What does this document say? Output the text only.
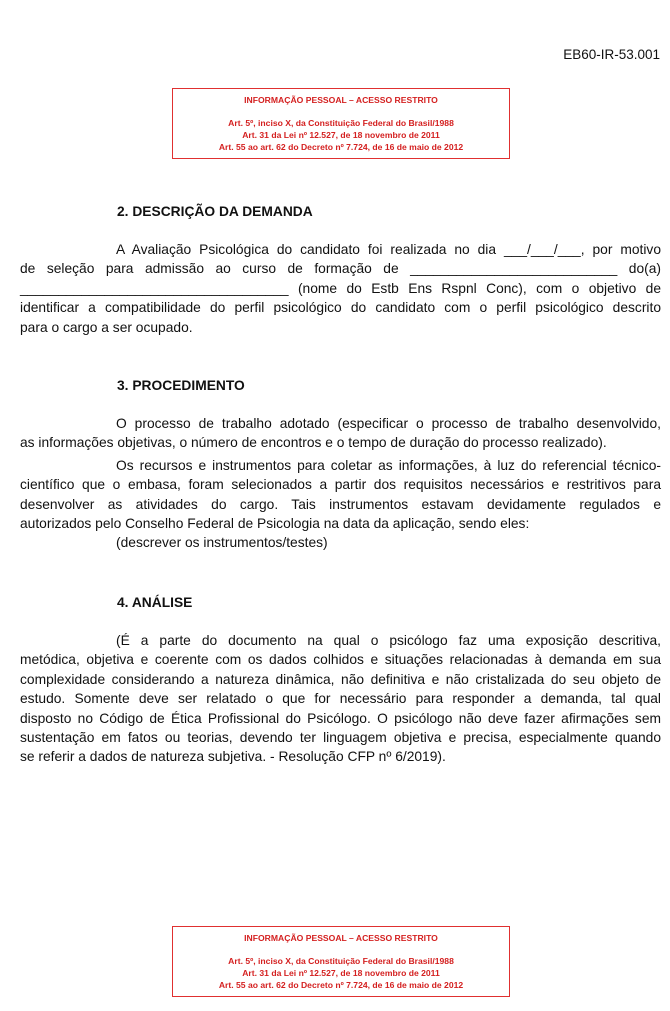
EB60-IR-53.001
INFORMAÇÃO PESSOAL – ACESSO RESTRITO
Art. 5º, inciso X, da Constituição Federal do Brasil/1988
Art. 31 da Lei nº 12.527, de 18 novembro de 2011
Art. 55 ao art. 62 do Decreto nº 7.724, de 16 de maio de 2012
2. DESCRIÇÃO DA DEMANDA
A Avaliação Psicológica do candidato foi realizada no dia ___/___/___, por motivo
de seleção para admissão ao curso de formação de ___________________________ do(a)
___________________________________ (nome do Estb Ens Rspnl Conc), com o objetivo de
identificar a compatibilidade do perfil psicológico do candidato com o perfil psicológico descrito
para o cargo a ser ocupado.
3. PROCEDIMENTO
O processo de trabalho adotado (especificar o processo de trabalho desenvolvido,
as informações objetivas, o número de encontros e o tempo de duração do processo realizado).
Os recursos e instrumentos para coletar as informações, à luz do referencial técnico-
científico que o embasa, foram selecionados a partir dos requisitos necessários e restritivos para
desenvolver as atividades do cargo. Tais instrumentos estavam devidamente regulados e
autorizados pelo Conselho Federal de Psicologia na data da aplicação, sendo eles:
(descrever os instrumentos/testes)
4. ANÁLISE
(É a parte do documento na qual o psicólogo faz uma exposição descritiva,
metódica, objetiva e coerente com os dados colhidos e situações relacionadas à demanda em sua
complexidade considerando a natureza dinâmica, não definitiva e não cristalizada do seu objeto de
estudo. Somente deve ser relatado o que for necessário para responder a demanda, tal qual
disposto no Código de Ética Profissional do Psicólogo. O psicólogo não deve fazer afirmações sem
sustentação em fatos ou teorias, devendo ter linguagem objetiva e precisa, especialmente quando
se referir a dados de natureza subjetiva. - Resolução CFP nº 6/2019).
INFORMAÇÃO PESSOAL – ACESSO RESTRITO
Art. 5º, inciso X, da Constituição Federal do Brasil/1988
Art. 31 da Lei nº 12.527, de 18 novembro de 2011
Art. 55 ao art. 62 do Decreto nº 7.724, de 16 de maio de 2012
